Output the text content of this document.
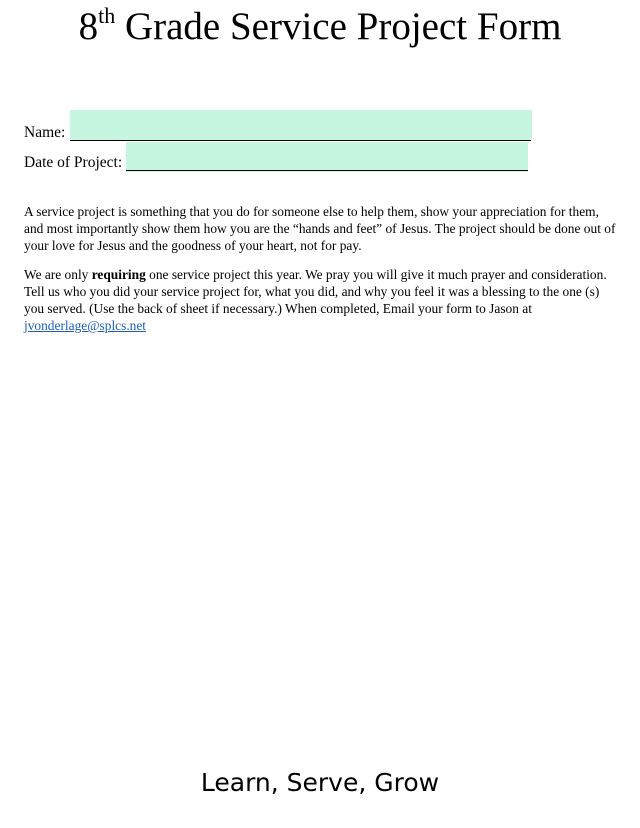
8th Grade Service Project Form
Name:
Date of Project:
A service project is something that you do for someone else to help them, show your appreciation for them, and most importantly show them how you are the “hands and feet” of Jesus. The project should be done out of your love for Jesus and the goodness of your heart, not for pay.
We are only requiring one service project this year. We pray you will give it much prayer and consideration. Tell us who you did your service project for, what you did, and why you feel it was a blessing to the one (s) you served. (Use the back of sheet if necessary.) When completed, Email your form to Jason at jvonderlage@splcs.net
Learn, Serve, Grow
